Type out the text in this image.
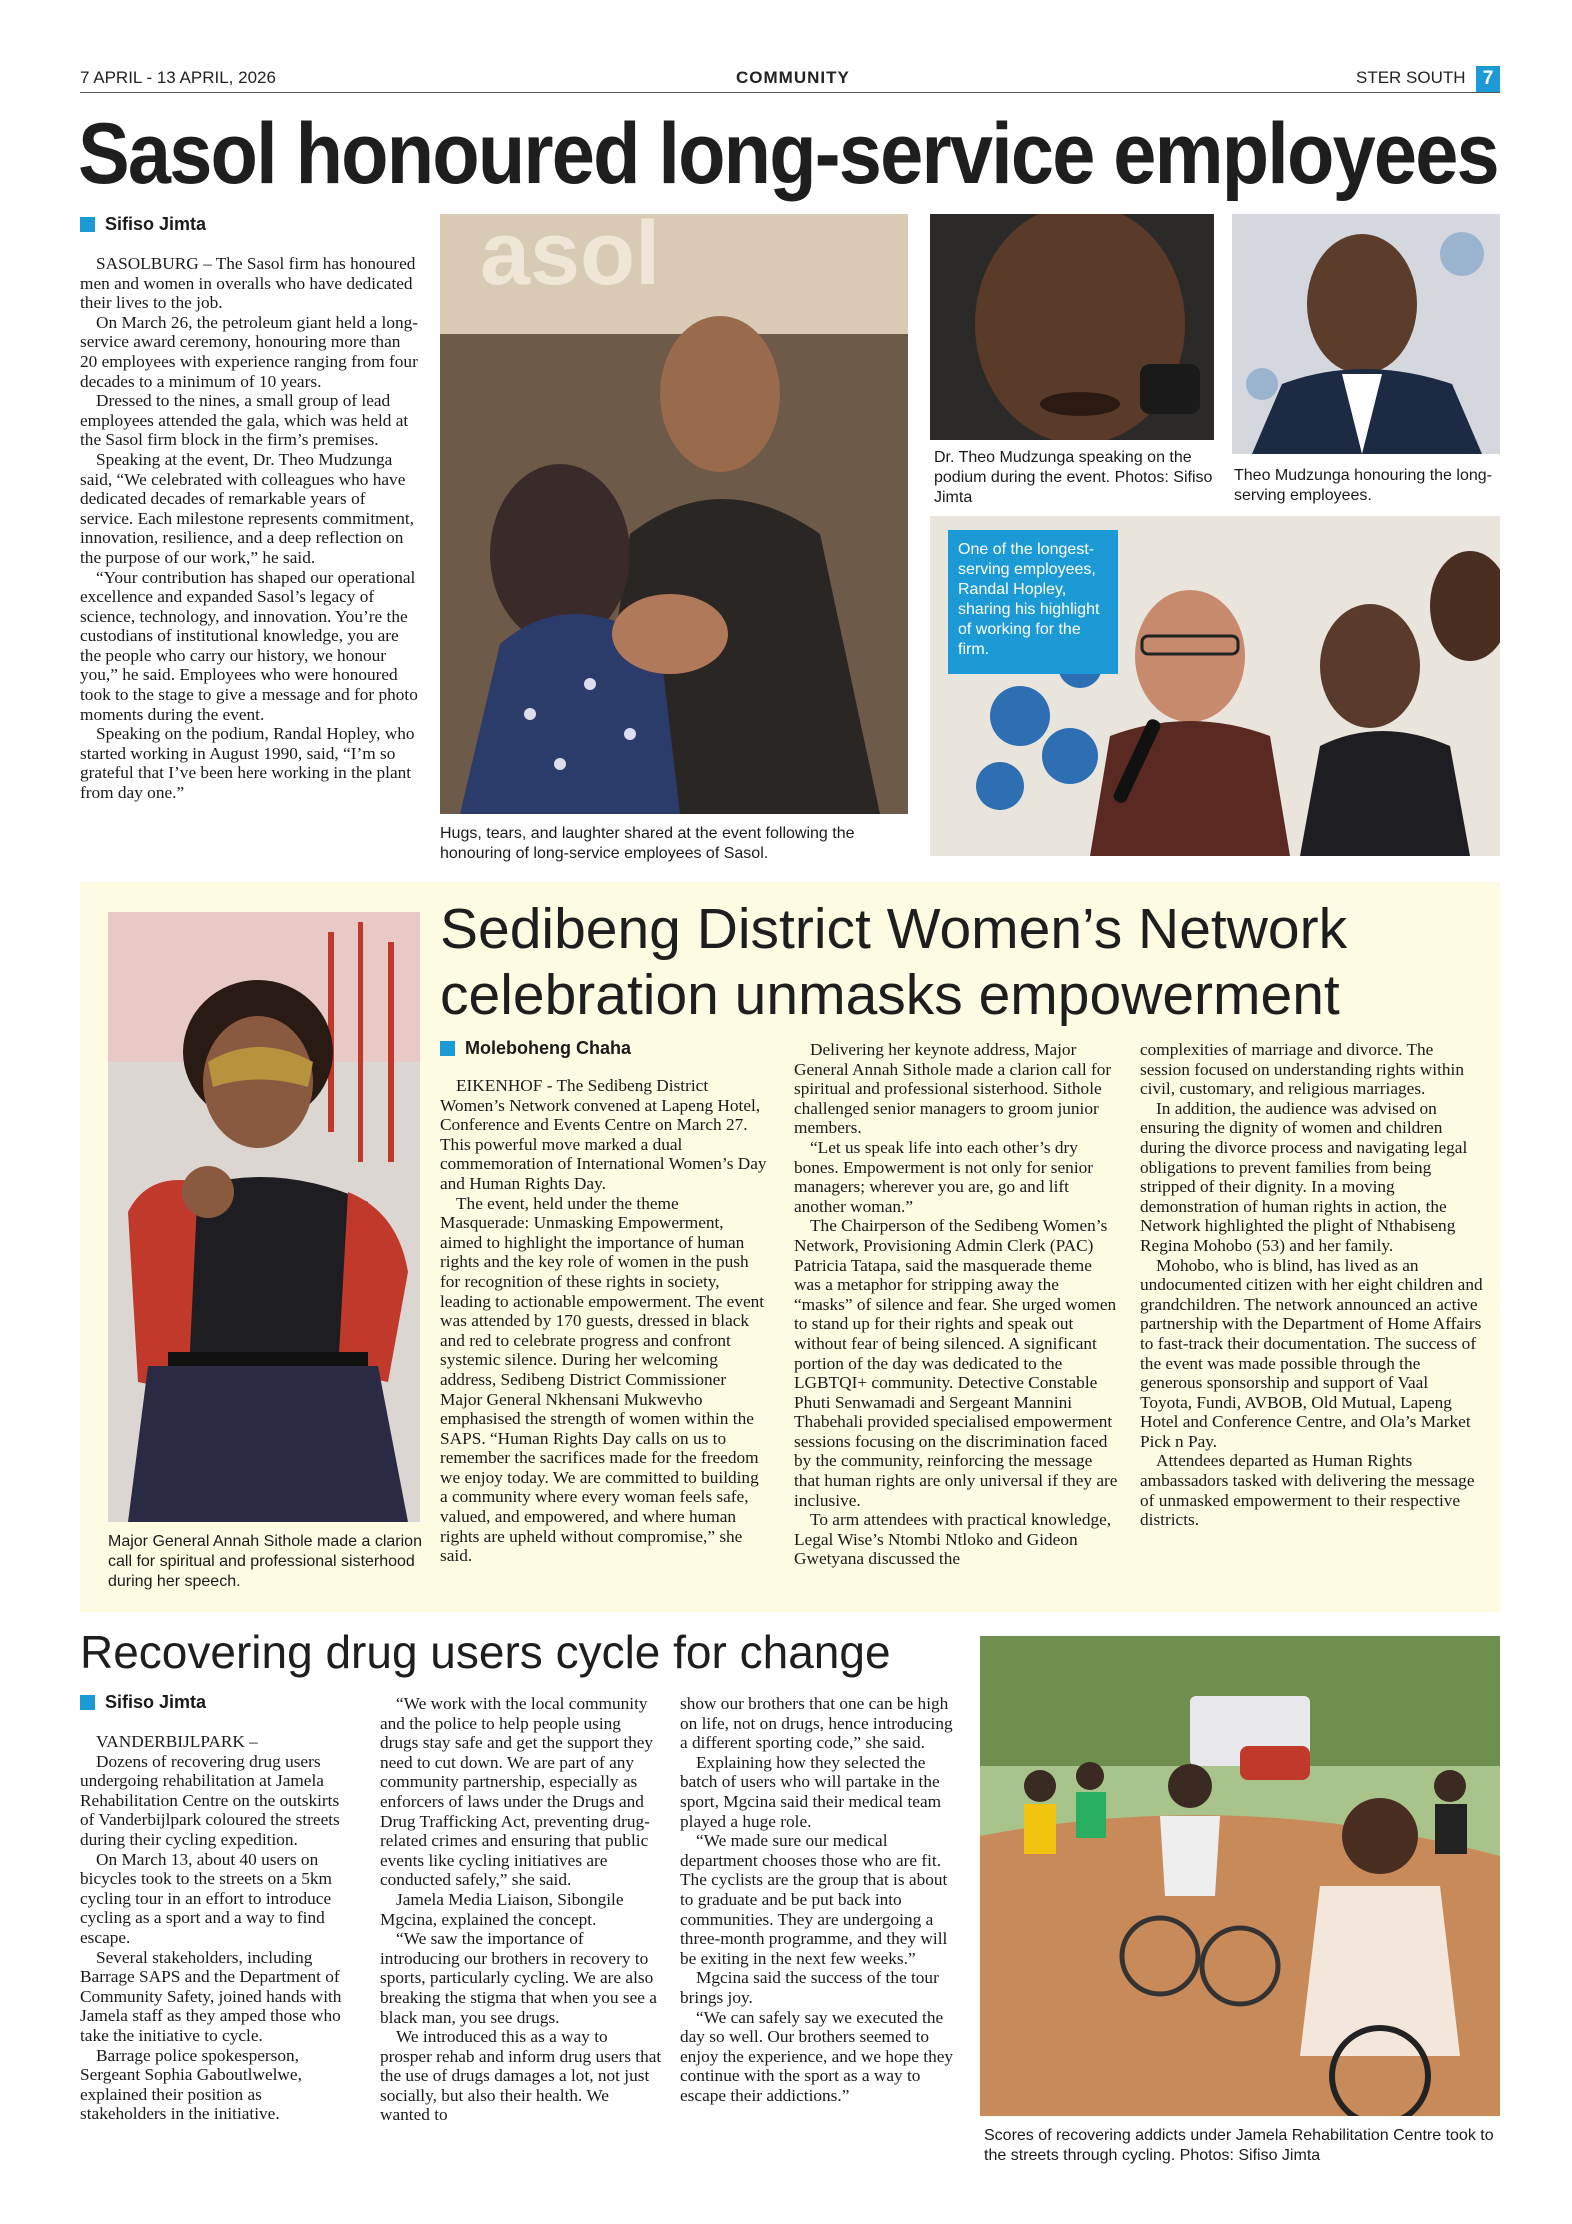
7 APRIL - 13 APRIL, 2026	COMMUNITY	STER SOUTH 7
Sasol honoured long-service employees
Sifiso Jimta

SASOLBURG – The Sasol firm has honoured men and women in overalls who have dedicated their lives to the job.

On March 26, the petroleum giant held a long-service award ceremony, honouring more than 20 employees with experience ranging from four decades to a minimum of 10 years.

Dressed to the nines, a small group of lead employees attended the gala, which was held at the Sasol firm block in the firm’s premises.

Speaking at the event, Dr. Theo Mudzunga said, “We celebrated with colleagues who have dedicated decades of remarkable years of service. Each milestone represents commitment, innovation, resilience, and a deep reflection on the purpose of our work,” he said.

“Your contribution has shaped our operational excellence and expanded Sasol’s legacy of science, technology, and innovation. You’re the custodians of institutional knowledge, you are the people who carry our history, we honour you,” he said. Employees who were honoured took to the stage to give a message and for photo moments during the event.

Speaking on the podium, Randal Hopley, who started working in August 1990, said, “I’m so grateful that I’ve been here working in the plant from day one.”

asol
Hugs, tears, and laughter shared at the event following the honouring of long-service employees of Sasol.
Dr. Theo Mudzunga speaking on the podium during the event. Photos: Sifiso Jimta
Theo Mudzunga honouring the long-serving employees.
One of the longest-serving employees, Randal Hopley, sharing his highlight of working for the firm.
Major General Annah Sithole made a clarion call for spiritual and professional sisterhood during her speech.
Sedibeng District Women’s Network celebration unmasks empowerment
Moleboheng Chaha

EIKENHOF - The Sedibeng District Women’s Network convened at Lapeng Hotel, Conference and Events Centre on March 27. This powerful move marked a dual commemoration of International Women’s Day and Human Rights Day.

The event, held under the theme Masquerade: Unmasking Empowerment, aimed to highlight the importance of human rights and the key role of women in the push for recognition of these rights in society, leading to actionable empowerment. The event was attended by 170 guests, dressed in black and red to celebrate progress and confront systemic silence. During her welcoming address, Sedibeng District Commissioner Major General Nkhensani Mukwevho emphasised the strength of women within the SAPS. “Human Rights Day calls on us to remember the sacrifices made for the freedom we enjoy today. We are committed to building a community where every woman feels safe, valued, and empowered, and where human rights are upheld without compromise,” she said.

Delivering her keynote address, Major General Annah Sithole made a clarion call for spiritual and professional sisterhood. Sithole challenged senior managers to groom junior members.

“Let us speak life into each other’s dry bones. Empowerment is not only for senior managers; wherever you are, go and lift another woman.”

The Chairperson of the Sedibeng Women’s Network, Provisioning Admin Clerk (PAC) Patricia Tatapa, said the masquerade theme was a metaphor for stripping away the “masks” of silence and fear. She urged women to stand up for their rights and speak out without fear of being silenced. A significant portion of the day was dedicated to the LGBTQI+ community. Detective Constable Phuti Senwamadi and Sergeant Mannini Thabehali provided specialised empowerment sessions focusing on the discrimination faced by the community, reinforcing the message that human rights are only universal if they are inclusive.

To arm attendees with practical knowledge, Legal Wise’s Ntombi Ntloko and Gideon Gwetyana discussed the

complexities of marriage and divorce. The session focused on understanding rights within civil, customary, and religious marriages.

In addition, the audience was advised on ensuring the dignity of women and children during the divorce process and navigating legal obligations to prevent families from being stripped of their dignity. In a moving demonstration of human rights in action, the Network highlighted the plight of Nthabiseng Regina Mohobo (53) and her family.

Mohobo, who is blind, has lived as an undocumented citizen with her eight children and grandchildren. The network announced an active partnership with the Department of Home Affairs to fast-track their documentation. The success of the event was made possible through the generous sponsorship and support of Vaal Toyota, Fundi, AVBOB, Old Mutual, Lapeng Hotel and Conference Centre, and Ola’s Market Pick n Pay.

Attendees departed as Human Rights ambassadors tasked with delivering the message of unmasked empowerment to their respective districts.

Recovering drug users cycle for change
Sifiso Jimta

VANDERBIJLPARK –

Dozens of recovering drug users undergoing rehabilitation at Jamela Rehabilitation Centre on the outskirts of Vanderbijlpark coloured the streets during their cycling expedition.

On March 13, about 40 users on bicycles took to the streets on a 5km cycling tour in an effort to introduce cycling as a sport and a way to find escape.

Several stakeholders, including Barrage SAPS and the Department of Community Safety, joined hands with Jamela staff as they amped those who take the initiative to cycle.

Barrage police spokesperson, Sergeant Sophia Gaboutlwelwe, explained their position as stakeholders in the initiative.

“We work with the local community and the police to help people using drugs stay safe and get the support they need to cut down. We are part of any community partnership, especially as enforcers of laws under the Drugs and Drug Trafficking Act, preventing drug-related crimes and ensuring that public events like cycling initiatives are conducted safely,” she said.

Jamela Media Liaison, Sibongile Mgcina, explained the concept.

“We saw the importance of introducing our brothers in recovery to sports, particularly cycling. We are also breaking the stigma that when you see a black man, you see drugs.

We introduced this as a way to prosper rehab and inform drug users that the use of drugs damages a lot, not just socially, but also their health. We wanted to

show our brothers that one can be high on life, not on drugs, hence introducing a different sporting code,” she said.

Explaining how they selected the batch of users who will partake in the sport, Mgcina said their medical team played a huge role.

“We made sure our medical department chooses those who are fit. The cyclists are the group that is about to graduate and be put back into communities. They are undergoing a three-month programme, and they will be exiting in the next few weeks.”

Mgcina said the success of the tour brings joy.

“We can safely say we executed the day so well. Our brothers seemed to enjoy the experience, and we hope they continue with the sport as a way to escape their addictions.”

Scores of recovering addicts under Jamela Rehabilitation Centre took to the streets through cycling. Photos: Sifiso Jimta
